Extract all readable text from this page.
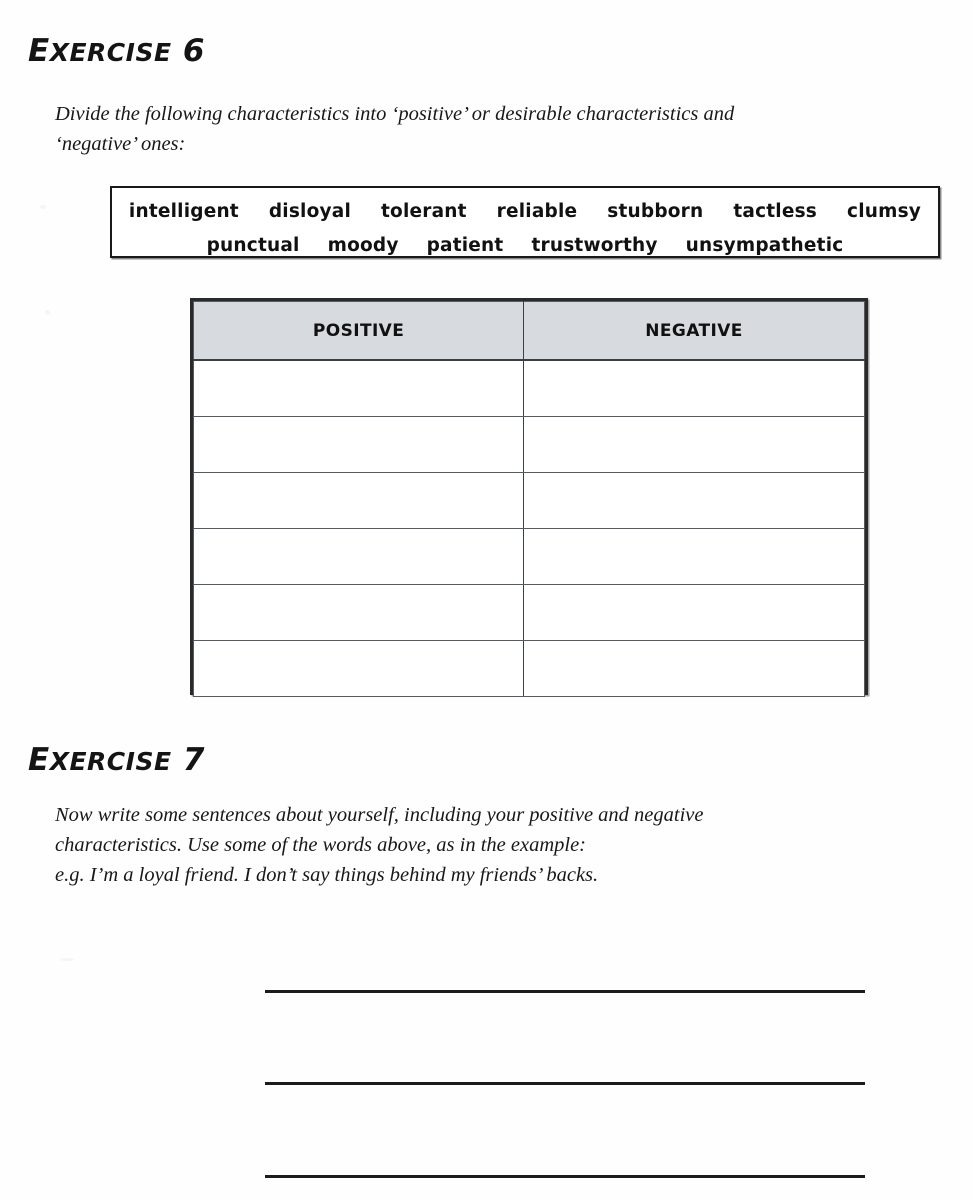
EXERCISE 6
Divide the following characteristics into ‘positive’ or desirable characteristics and
‘negative’ ones:
intelligent disloyal tolerant reliable stubborn tactless clumsy
punctual moody patient trustworthy unsympathetic
POSITIVE	NEGATIVE

EXERCISE 7
Now write some sentences about yourself, including your positive and negative
characteristics. Use some of the words above, as in the example:
e.g. I’m a loyal friend. I don’t say things behind my friends’ backs.
